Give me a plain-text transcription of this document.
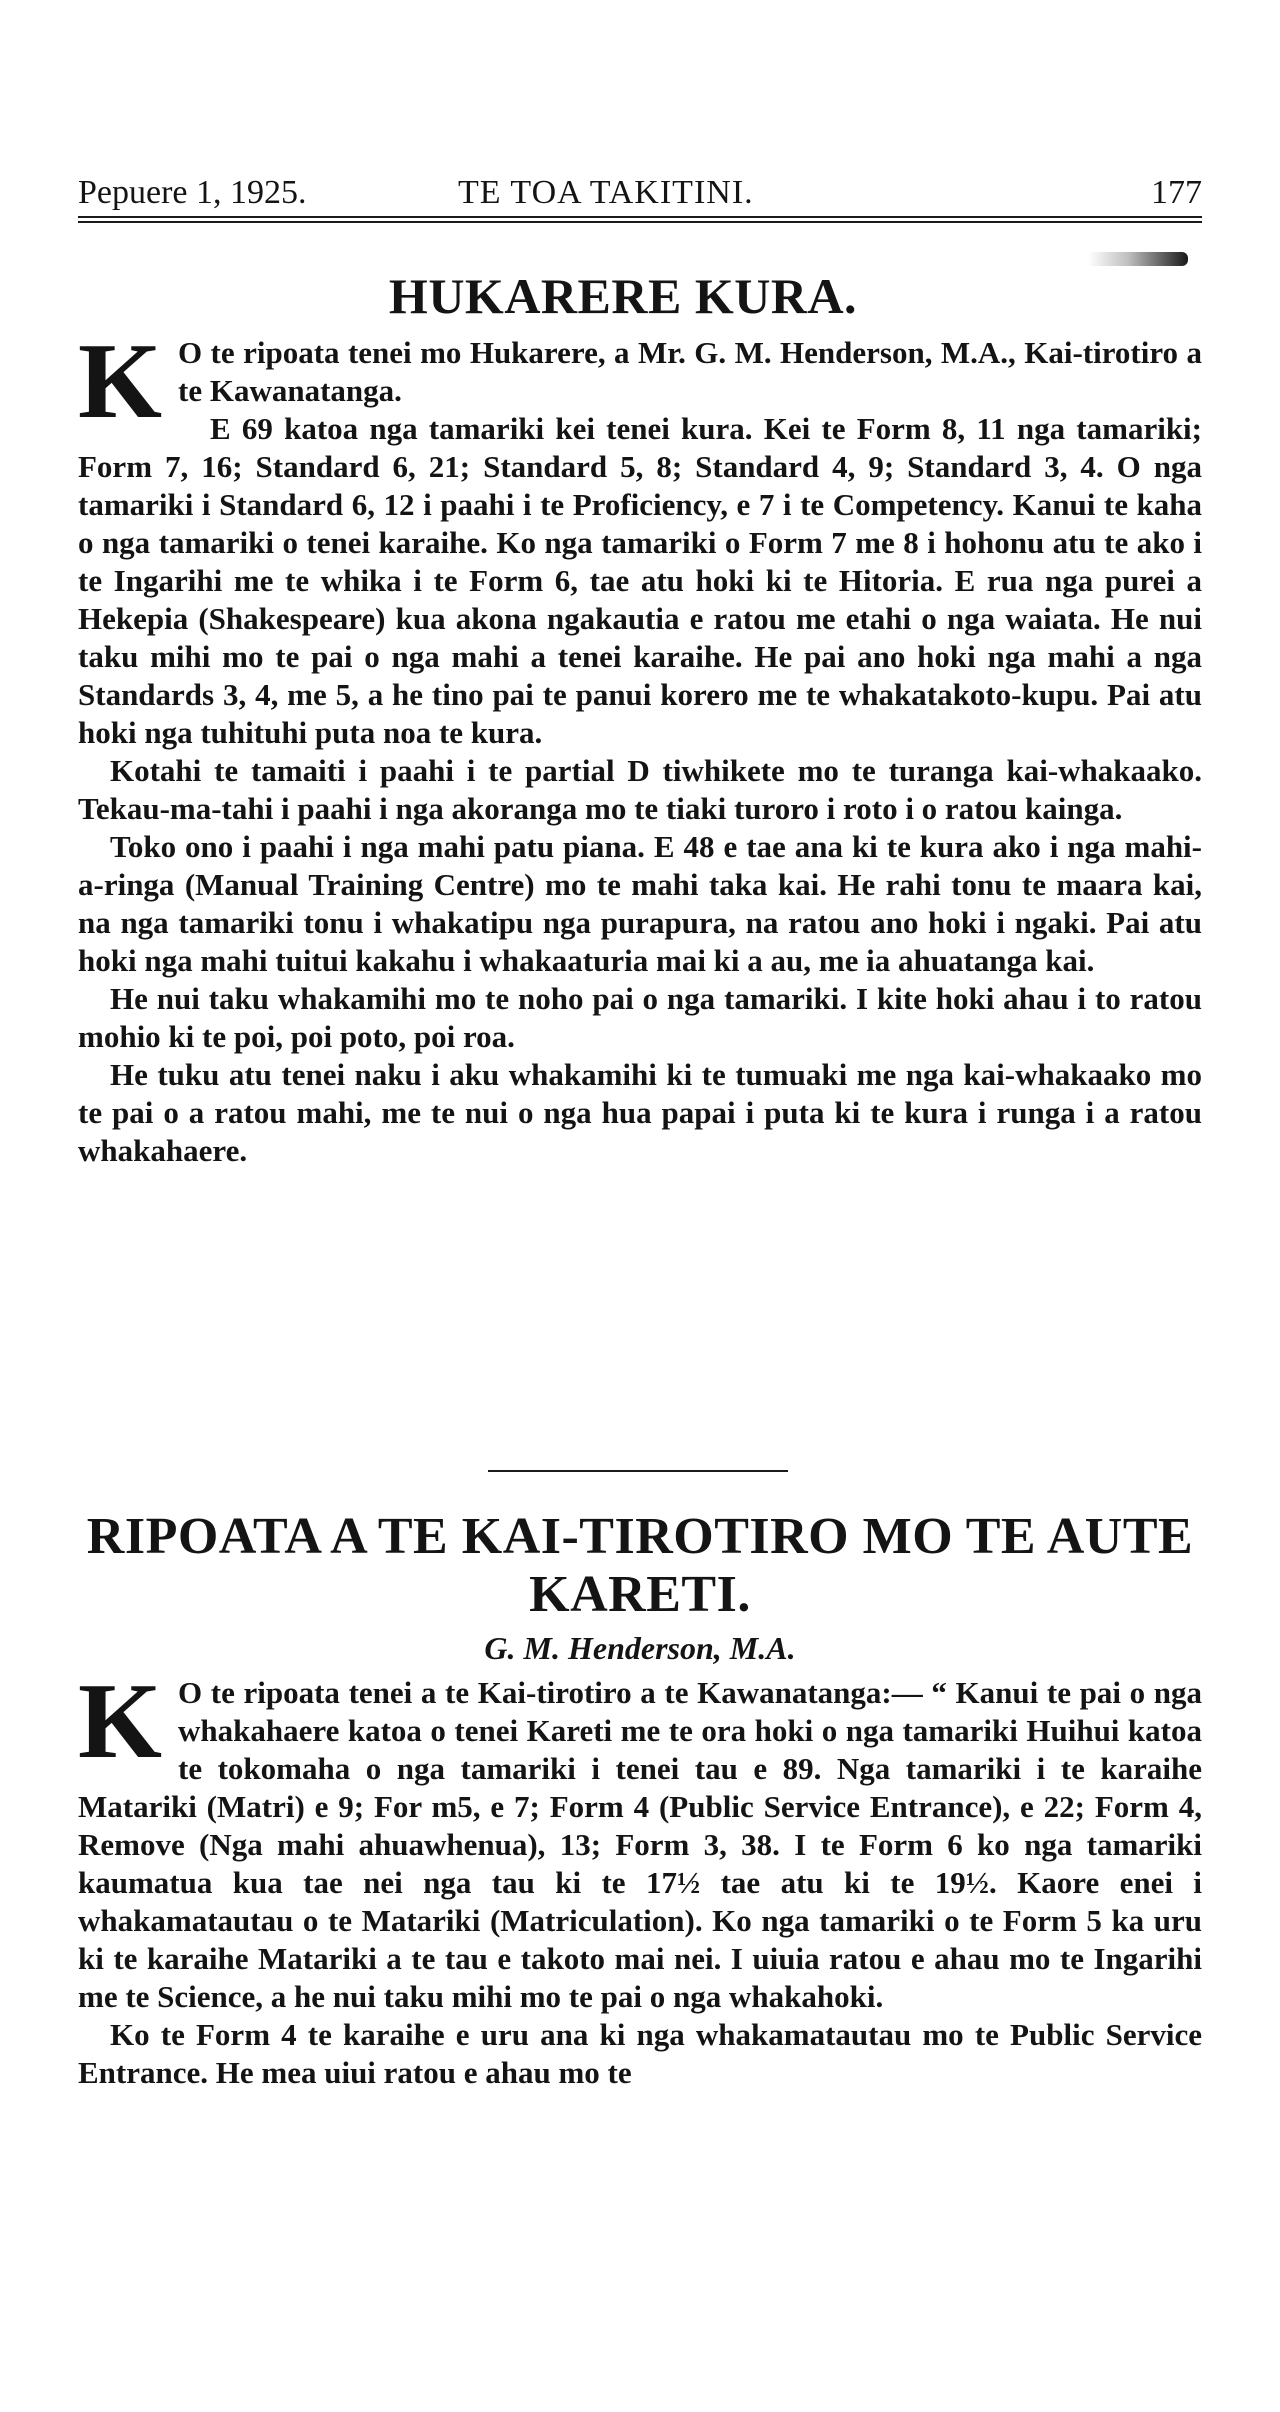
Pepuere 1, 1925.	TE TOA TAKITINI.	177
HUKARERE KURA.

K O te ripoata tenei mo Hukarere, a Mr. G. M. Henderson, M.A., Kai-tirotiro a te Kawanatanga.

E 69 katoa nga tamariki kei tenei kura. Kei te Form 8, 11 nga tamariki; Form 7, 16; Standard 6, 21; Standard 5, 8; Standard 4, 9; Standard 3, 4. O nga tamariki i Standard 6, 12 i paahi i te Proficiency, e 7 i te Competency. Kanui te kaha o nga tamariki o tenei karaihe. Ko nga tamariki o Form 7 me 8 i hohonu atu te ako i te Ingarihi me te whika i te Form 6, tae atu hoki ki te Hitoria. E rua nga purei a Hekepia (Shakespeare) kua akona ngakautia e ratou me etahi o nga waiata. He nui taku mihi mo te pai o nga mahi a tenei karaihe. He pai ano hoki nga mahi a nga Standards 3, 4, me 5, a he tino pai te panui korero me te whakatakoto-kupu. Pai atu hoki nga tuhituhi puta noa te kura.

Kotahi te tamaiti i paahi i te partial D tiwhikete mo te turanga kai-whakaako. Tekau-ma-tahi i paahi i nga akoranga mo te tiaki turoro i roto i o ratou kainga.

Toko ono i paahi i nga mahi patu piana. E 48 e tae ana ki te kura ako i nga mahi-a-ringa (Manual Training Centre) mo te mahi taka kai. He rahi tonu te maara kai, na nga tamariki tonu i whakatipu nga purapura, na ratou ano hoki i ngaki. Pai atu hoki nga mahi tuitui kakahu i whakaaturia mai ki a au, me ia ahuatanga kai.

He nui taku whakamihi mo te noho pai o nga tamariki. I kite hoki ahau i to ratou mohio ki te poi, poi poto, poi roa.

He tuku atu tenei naku i aku whakamihi ki te tumuaki me nga kai-whakaako mo te pai o a ratou mahi, me te nui o nga hua papai i puta ki te kura i runga i a ratou whakahaere.

RIPOATA A TE KAI-TIROTIRO MO TE AUTE KARETI.
G. M. Henderson, M.A.

K O te ripoata tenei a te Kai-tirotiro a te Kawanatanga:— “ Kanui te pai o nga whakahaere katoa o tenei Kareti me te ora hoki o nga tamariki Huihui katoa te tokomaha o nga tamariki i tenei tau e 89. Nga tamariki i te karaihe Matariki (Matri) e 9; For m5, e 7; Form 4 (Public Service Entrance), e 22; Form 4, Remove (Nga mahi ahuawhenua), 13; Form 3, 38. I te Form 6 ko nga tamariki kaumatua kua tae nei nga tau ki te 17½ tae atu ki te 19½. Kaore enei i whakamatautau o te Matariki (Matriculation). Ko nga tamariki o te Form 5 ka uru ki te karaihe Matariki a te tau e takoto mai nei. I uiuia ratou e ahau mo te Ingarihi me te Science, a he nui taku mihi mo te pai o nga whakahoki.

Ko te Form 4 te karaihe e uru ana ki nga whakamatautau mo te Public Service Entrance. He mea uiui ratou e ahau mo te
